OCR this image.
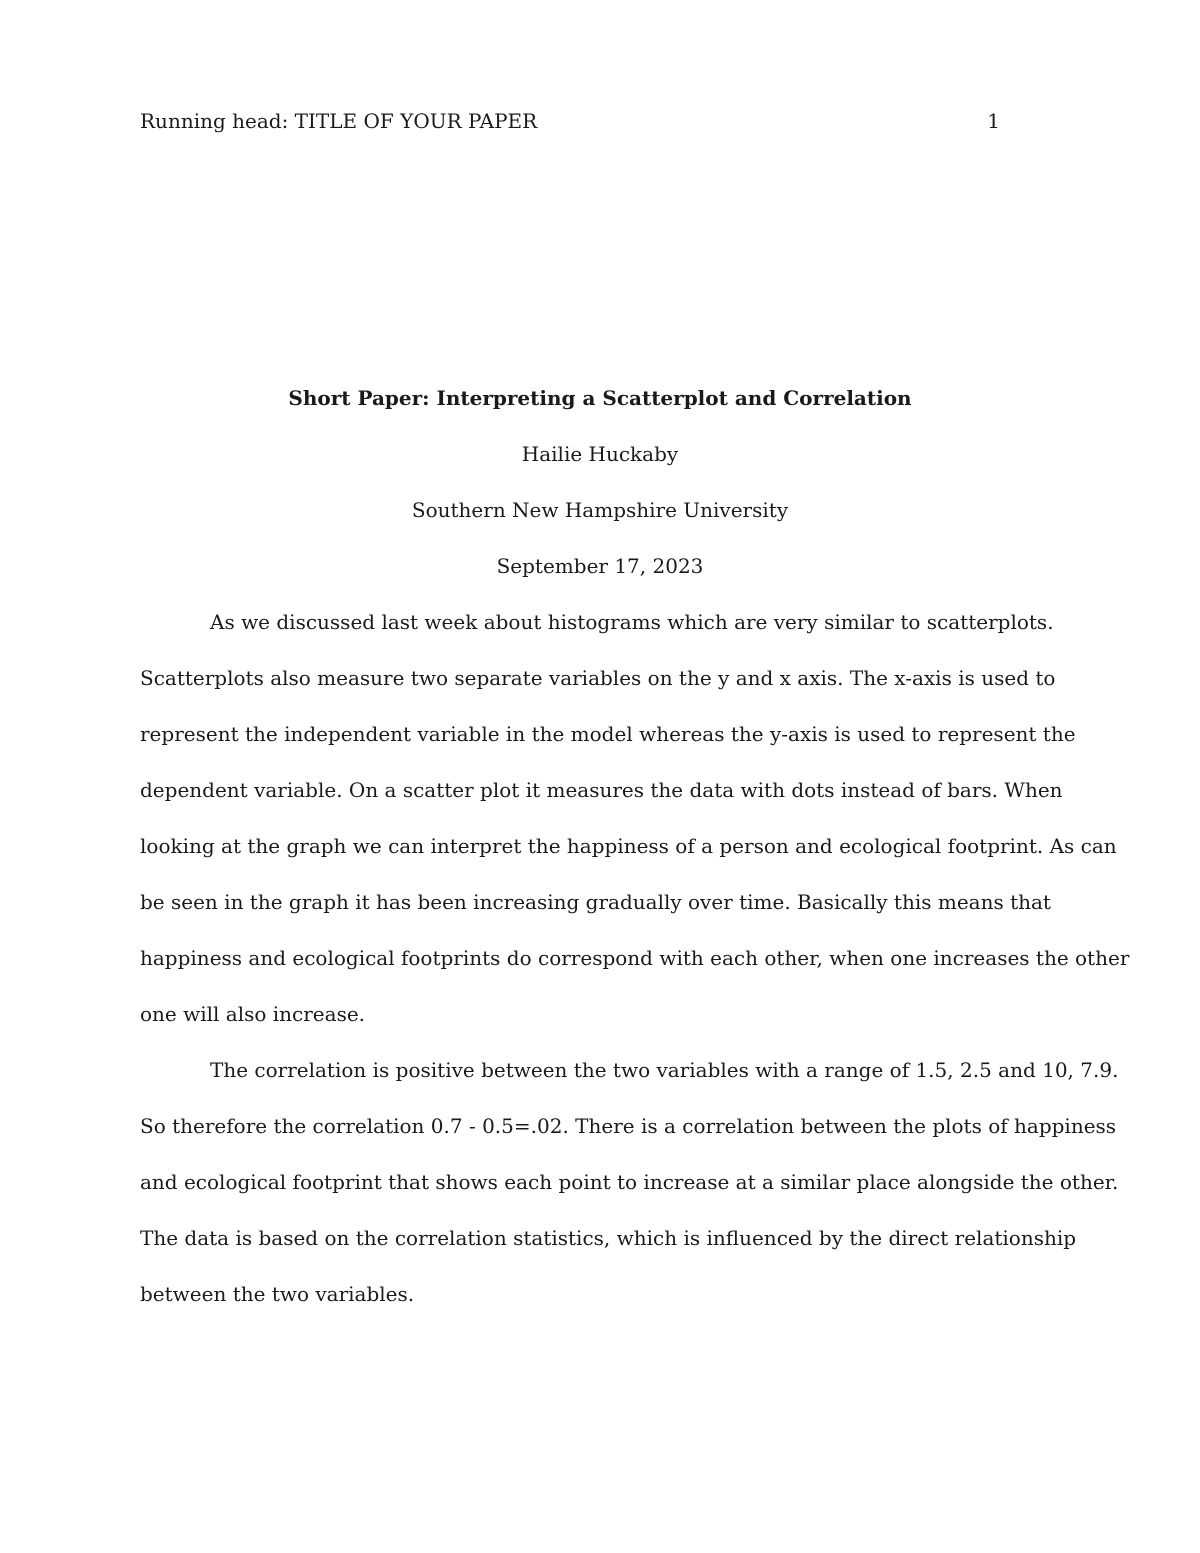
Running head: TITLE OF YOUR PAPER	1
Short Paper: Interpreting a Scatterplot and Correlation
Hailie Huckaby
Southern New Hampshire University
September 17, 2023

As we discussed last week about histograms which are very similar to scatterplots.
Scatterplots also measure two separate variables on the y and x axis. The x-axis is used to
represent the independent variable in the model whereas the y-axis is used to represent the
dependent variable. On a scatter plot it measures the data with dots instead of bars. When
looking at the graph we can interpret the happiness of a person and ecological footprint. As can
be seen in the graph it has been increasing gradually over time. Basically this means that
happiness and ecological footprints do correspond with each other, when one increases the other
one will also increase.

The correlation is positive between the two variables with a range of 1.5, 2.5 and 10, 7.9.
So therefore the correlation 0.7 - 0.5=.02. There is a correlation between the plots of happiness
and ecological footprint that shows each point to increase at a similar place alongside the other.
The data is based on the correlation statistics, which is influenced by the direct relationship
between the two variables.
